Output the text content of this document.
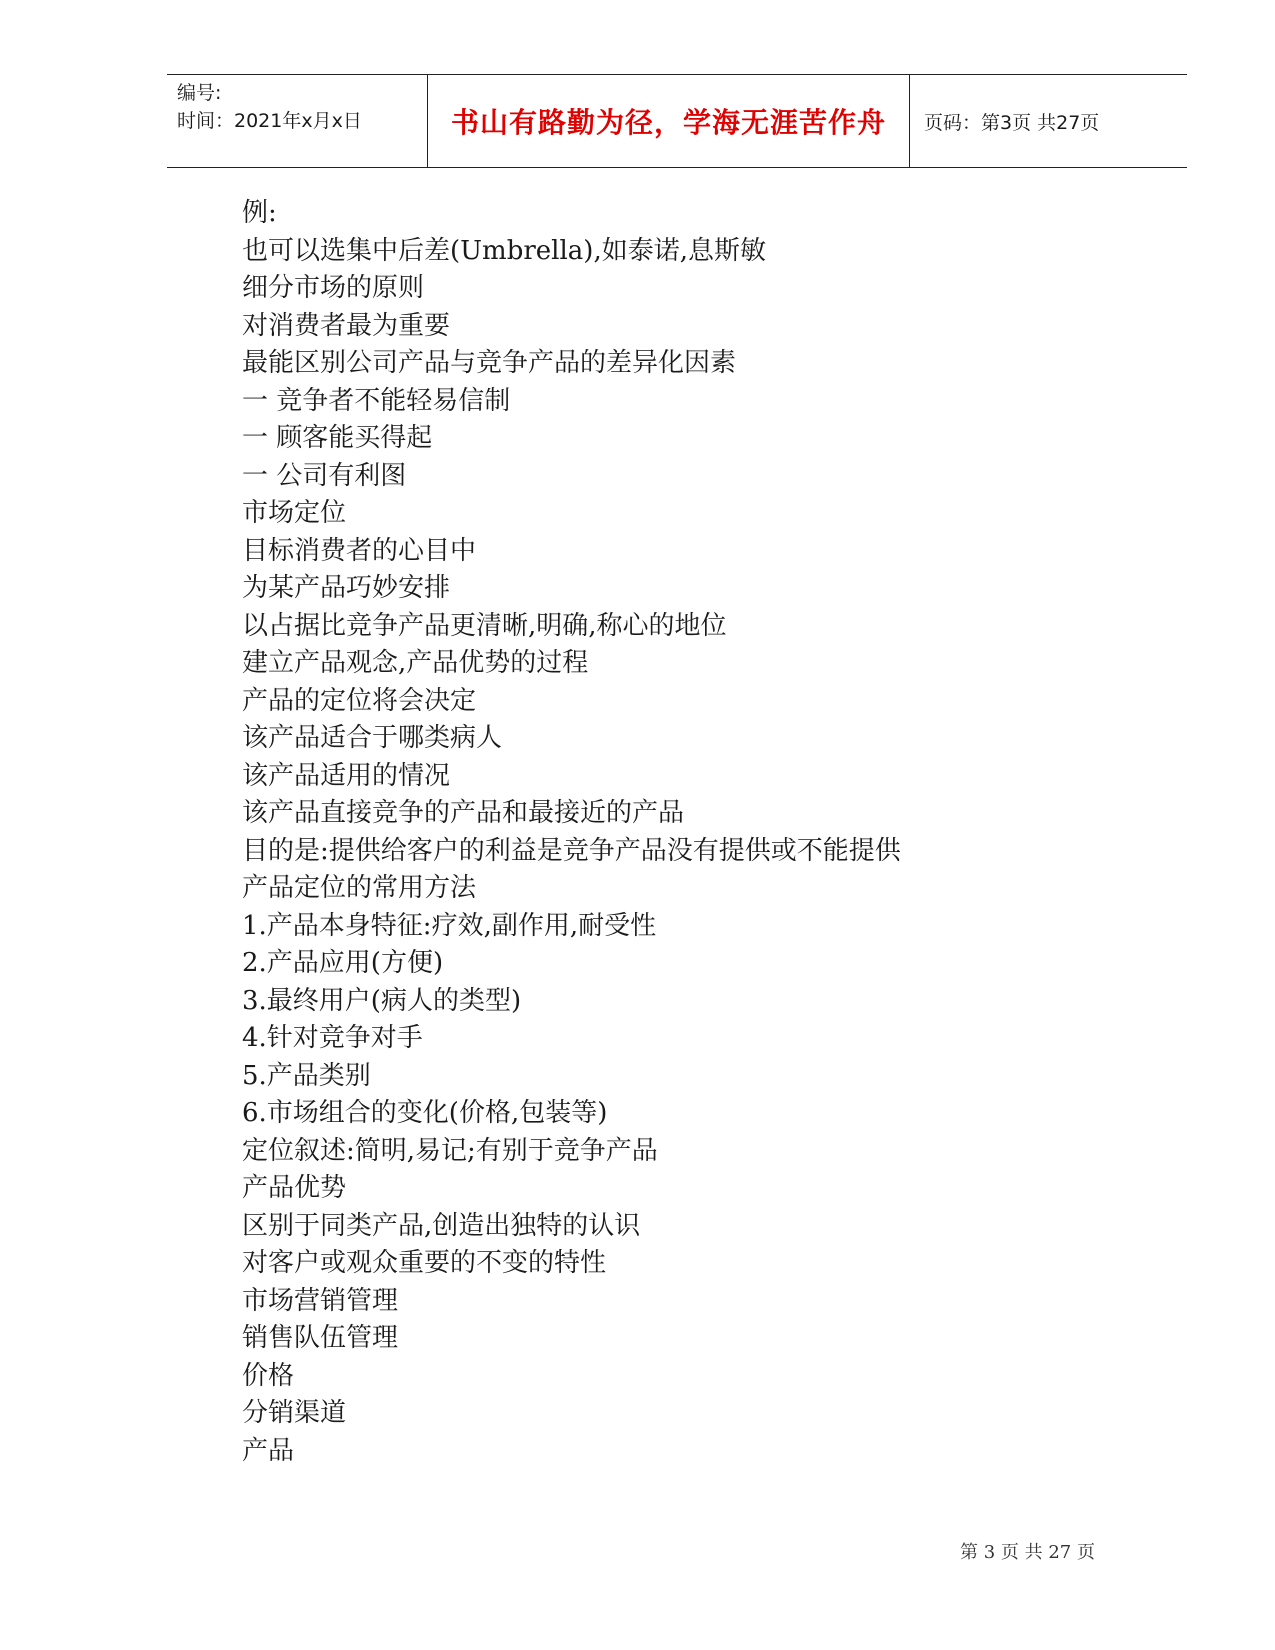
编号:
时间：2021年x月x日	书山有路勤为径，学海无涯苦作舟	页码：第3页 共27页
例:
也可以选集中后差(Umbrella),如泰诺,息斯敏
细分市场的原则
对消费者最为重要
最能区别公司产品与竞争产品的差异化因素
一 竞争者不能轻易信制
一 顾客能买得起
一 公司有利图
市场定位
目标消费者的心目中
为某产品巧妙安排
以占据比竞争产品更清晰,明确,称心的地位
建立产品观念,产品优势的过程
产品的定位将会决定
该产品适合于哪类病人
该产品适用的情况
该产品直接竞争的产品和最接近的产品
目的是:提供给客户的利益是竞争产品没有提供或不能提供
产品定位的常用方法
1.产品本身特征:疗效,副作用,耐受性
2.产品应用(方便)
3.最终用户(病人的类型)
4.针对竞争对手
5.产品类别
6.市场组合的变化(价格,包装等)
定位叙述:简明,易记;有别于竞争产品
产品优势
区别于同类产品,创造出独特的认识
对客户或观众重要的不变的特性
市场营销管理
销售队伍管理
价格
分销渠道
产品
第 3 页 共 27 页
